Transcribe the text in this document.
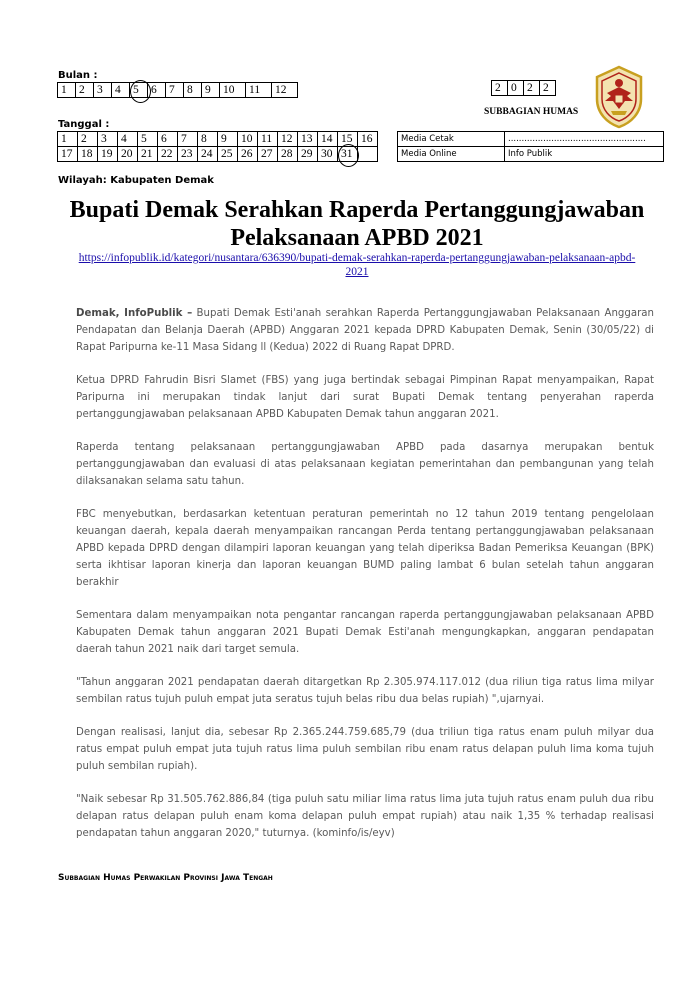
Bulan :
1	2	3	4	5	6	7	8	9	10	11	12
Tanggal :
1	2	3	4	5	6	7	8	9	10	11	12	13	14	15	16
17	18	19	20	21	22	23	24	25	26	27	28	29	30	31	
2	0	2	2
SUBBAGIAN HUMAS
Media Cetak	...................................................
Media Online	Info Publik
Wilayah: Kabupaten Demak
Bupati Demak Serahkan Raperda Pertanggungjawaban
Pelaksanaan APBD 2021
https://infopublik.id/kategori/nusantara/636390/bupati-demak-serahkan-raperda-pertanggungjawaban-pelaksanaan-apbd-
2021

Demak, InfoPublik – Bupati Demak Esti'anah serahkan Raperda Pertanggungjawaban Pelaksanaan Anggaran Pendapatan dan Belanja Daerah (APBD) Anggaran 2021 kepada DPRD Kabupaten Demak, Senin (30/05/22) di Rapat Paripurna ke-11 Masa Sidang ll (Kedua) 2022 di Ruang Rapat DPRD.

Ketua DPRD Fahrudin Bisri Slamet (FBS) yang juga bertindak sebagai Pimpinan Rapat menyampaikan, Rapat Paripurna ini merupakan tindak lanjut dari surat Bupati Demak tentang penyerahan raperda pertanggungjawaban pelaksanaan APBD Kabupaten Demak tahun anggaran 2021.

Raperda tentang pelaksanaan pertanggungjawaban APBD pada dasarnya merupakan bentuk pertanggungjawaban dan evaluasi di atas pelaksanaan kegiatan pemerintahan dan pembangunan yang telah dilaksanakan selama satu tahun.

FBC menyebutkan, berdasarkan ketentuan peraturan pemerintah no 12 tahun 2019 tentang pengelolaan keuangan daerah, kepala daerah menyampaikan rancangan Perda tentang pertanggungjawaban pelaksanaan APBD kepada DPRD dengan dilampiri laporan keuangan yang telah diperiksa Badan Pemeriksa Keuangan (BPK) serta ikhtisar laporan kinerja dan laporan keuangan BUMD paling lambat 6 bulan setelah tahun anggaran berakhir

Sementara dalam menyampaikan nota pengantar rancangan raperda pertanggungjawaban pelaksanaan APBD Kabupaten Demak tahun anggaran 2021 Bupati Demak Esti'anah mengungkapkan, anggaran pendapatan daerah tahun 2021 naik dari target semula.

"Tahun anggaran 2021 pendapatan daerah ditargetkan Rp 2.305.974.117.012 (dua riliun tiga ratus lima milyar sembilan ratus tujuh puluh empat juta seratus tujuh belas ribu dua belas rupiah) ",ujarnyai.

Dengan realisasi, lanjut dia, sebesar Rp 2.365.244.759.685,79 (dua triliun tiga ratus enam puluh milyar dua ratus empat puluh empat juta tujuh ratus lima puluh sembilan ribu enam ratus delapan puluh lima koma tujuh puluh sembilan rupiah).

"Naik sebesar Rp 31.505.762.886,84 (tiga puluh satu miliar lima ratus lima juta tujuh ratus enam puluh dua ribu delapan ratus delapan puluh enam koma delapan puluh empat rupiah) atau naik 1,35 % terhadap realisasi pendapatan tahun anggaran 2020," tuturnya. (kominfo/is/eyv)

Subbagian Humas Perwakilan Provinsi Jawa Tengah
